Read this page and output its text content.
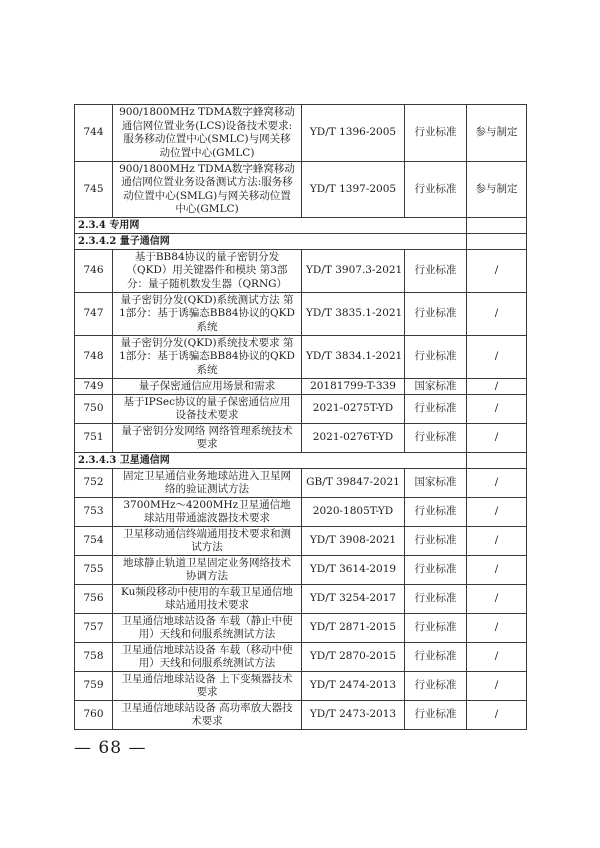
744	900/1800MHz TDMA数字蜂窝移动通信网位置业务(LCS)设备技术要求:服务移动位置中心(SMLC)与网关移动位置中心(GMLC)	YD/T 1396-2005	行业标准	参与制定
745	900/1800MHz TDMA数字蜂窝移动通信网位置业务设备测试方法:服务移动位置中心(SMLG)与网关移动位置中心(GMLC)	YD/T 1397-2005	行业标准	参与制定
2.3.4 专用网				
2.3.4.2 量子通信网				
746	基于BB84协议的量子密钥分发（QKD）用关键器件和模块 第3部分：量子随机数发生器（QRNG）	YD/T 3907.3-2021	行业标准	/
747	量子密钥分发(QKD)系统测试方法 第1部分：基于诱骗态BB84协议的QKD系统	YD/T 3835.1-2021	行业标准	/
748	量子密钥分发(QKD)系统技术要求 第1部分：基于诱骗态BB84协议的QKD系统	YD/T 3834.1-2021	行业标准	/
749	量子保密通信应用场景和需求	20181799-T-339	国家标准	/
750	基于IPSec协议的量子保密通信应用设备技术要求	2021-0275T-YD	行业标准	/
751	量子密钥分发网络 网络管理系统技术要求	2021-0276T-YD	行业标准	/
2.3.4.3 卫星通信网				
752	固定卫星通信业务地球站进入卫星网络的验证测试方法	GB/T 39847-2021	国家标准	/
753	3700MHz～4200MHz卫星通信地球站用带通滤波器技术要求	2020-1805T-YD	行业标准	/
754	卫星移动通信终端通用技术要求和测试方法	YD/T 3908-2021	行业标准	/
755	地球静止轨道卫星固定业务网络技术协调方法	YD/T 3614-2019	行业标准	/
756	Ku频段移动中使用的车载卫星通信地球站通用技术要求	YD/T 3254-2017	行业标准	/
757	卫星通信地球站设备 车载（静止中使用）天线和伺服系统测试方法	YD/T 2871-2015	行业标准	/
758	卫星通信地球站设备 车载（移动中使用）天线和伺服系统测试方法	YD/T 2870-2015	行业标准	/
759	卫星通信地球站设备 上下变频器技术要求	YD/T 2474-2013	行业标准	/
760	卫星通信地球站设备 高功率放大器技术要求	YD/T 2473-2013	行业标准	/
— 68 —
